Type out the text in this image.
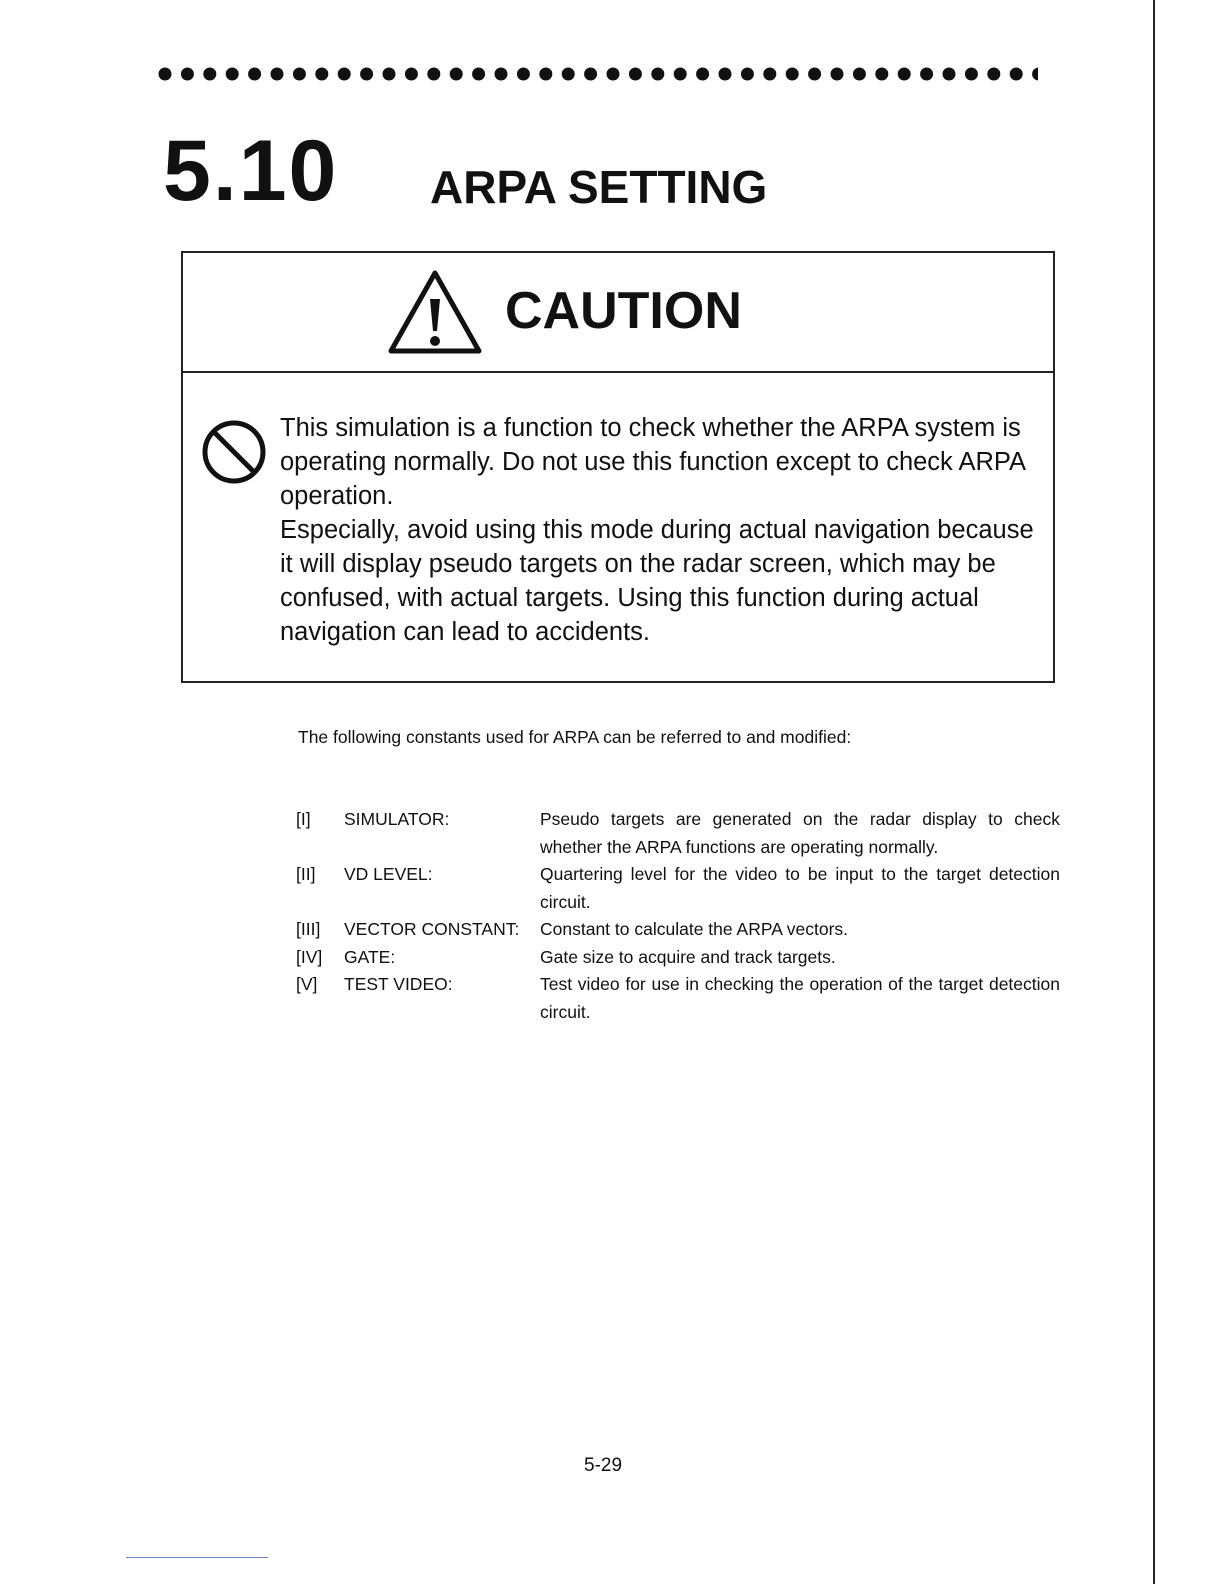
5.10 ARPA SETTING
CAUTION

This simulation is a function to check whether the ARPA system is operating normally. Do not use this function except to check ARPA operation.

Especially, avoid using this mode during actual navigation because it will display pseudo targets on the radar screen, which may be confused, with actual targets. Using this function during actual navigation can lead to accidents.

The following constants used for ARPA can be referred to and modified:
[I] SIMULATOR:	Pseudo targets are generated on the radar display to check whether the ARPA functions are operating normally.
[II] VD LEVEL:	Quartering level for the video to be input to the target detection circuit.
[III] VECTOR CONSTANT: Constant to calculate the ARPA vectors.
[IV] GATE:	Gate size to acquire and track targets.
[V] TEST VIDEO:	Test video for use in checking the operation of the target detection circuit.
5-29
